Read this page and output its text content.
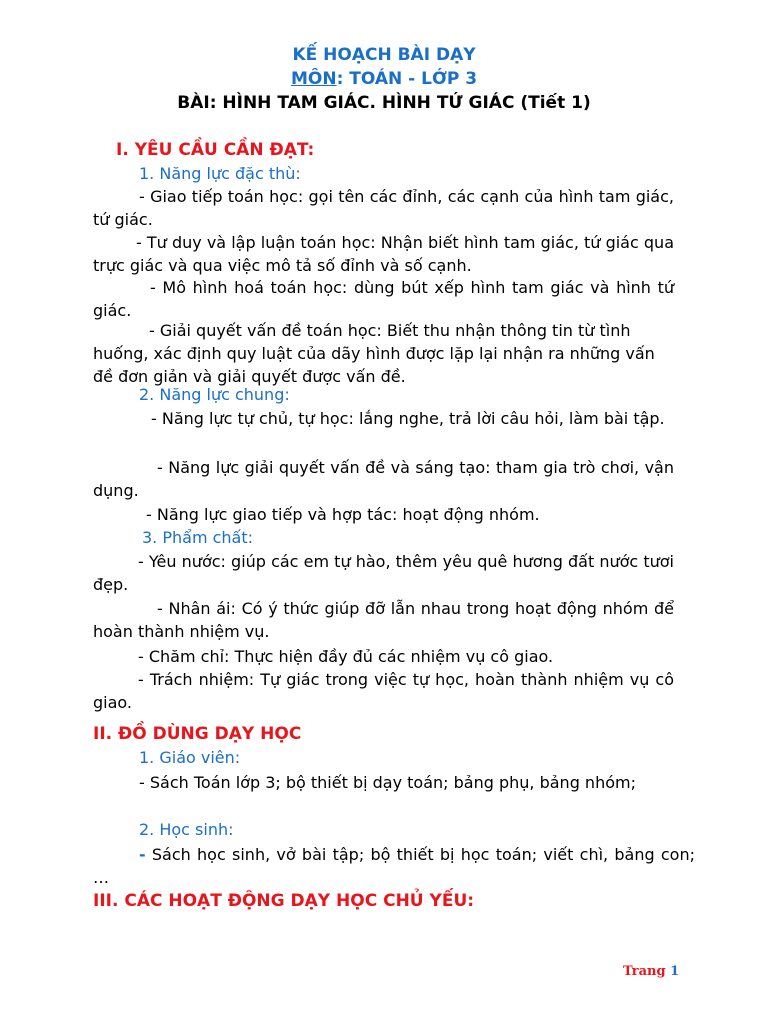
KẾ HOẠCH BÀI DẠY
MÔN: TOÁN - LỚP 3
BÀI: HÌNH TAM GIÁC. HÌNH TỨ GIÁC (Tiết 1)
I. YÊU CẦU CẦN ĐẠT:
1. Năng lực đặc thù:

- Giao tiếp toán học: gọi tên các đỉnh, các cạnh của hình tam giác, tứ giác.

- Tư duy và lập luận toán học: Nhận biết hình tam giác, tứ giác qua trực giác và qua việc mô tả số đỉnh và số cạnh.

- Mô hình hoá toán học: dùng bút xếp hình tam giác và hình tứ giác.

- Giải quyết vấn đề toán học: Biết thu nhận thông tin từ tình huống, xác định quy luật của dãy hình được lặp lại nhận ra những vấn đề đơn giản và giải quyết được vấn đề.

2. Năng lực chung:

- Năng lực tự chủ, tự học: lắng nghe, trả lời câu hỏi, làm bài tập.

- Năng lực giải quyết vấn đề và sáng tạo: tham gia trò chơi, vận dụng.

- Năng lực giao tiếp và hợp tác: hoạt động nhóm.

3. Phẩm chất:

- Yêu nước: giúp các em tự hào, thêm yêu quê hương đất nước tươi đẹp.

- Nhân ái: Có ý thức giúp đỡ lẫn nhau trong hoạt động nhóm để hoàn thành nhiệm vụ.

- Chăm chỉ: Thực hiện đầy đủ các nhiệm vụ cô giao.

- Trách nhiệm: Tự giác trong việc tự học, hoàn thành nhiệm vụ cô giao.

II. ĐỒ DÙNG DẠY HỌC
1. Giáo viên:

- Sách Toán lớp 3; bộ thiết bị dạy toán; bảng phụ, bảng nhóm;

2. Học sinh:

- Sách học sinh, vở bài tập; bộ thiết bị học toán; viết chì, bảng con; …

III. CÁC HOẠT ĐỘNG DẠY HỌC CHỦ YẾU:
Trang 1
